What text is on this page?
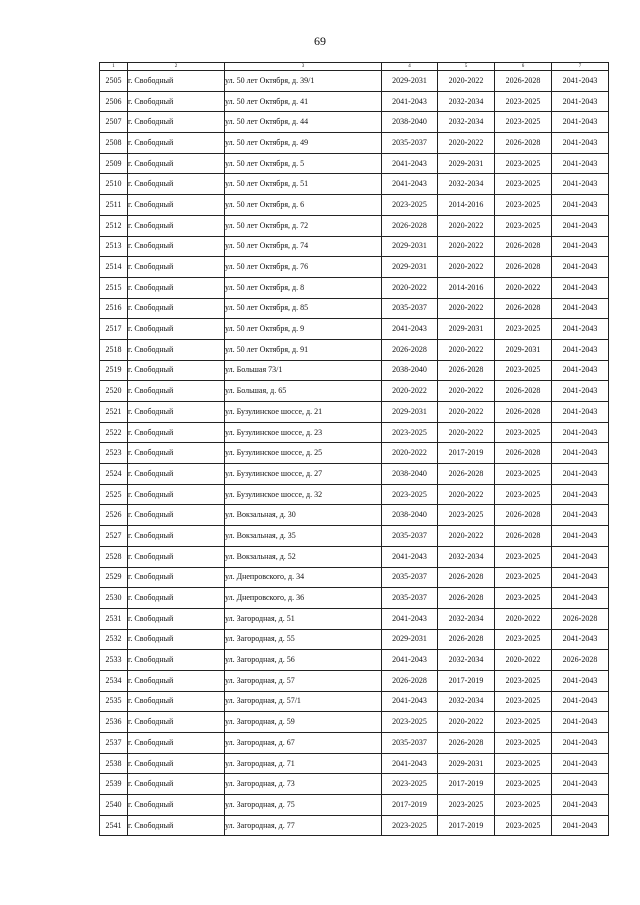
69
1	2	3	4	5	6	7
2505	г. Свободный	ул. 50 лет Октября, д. 39/1	2029-2031	2020-2022	2026-2028	2041-2043
2506	г. Свободный	ул. 50 лет Октября, д. 41	2041-2043	2032-2034	2023-2025	2041-2043
2507	г. Свободный	ул. 50 лет Октября, д. 44	2038-2040	2032-2034	2023-2025	2041-2043
2508	г. Свободный	ул. 50 лет Октября, д. 49	2035-2037	2020-2022	2026-2028	2041-2043
2509	г. Свободный	ул. 50 лет Октября, д. 5	2041-2043	2029-2031	2023-2025	2041-2043
2510	г. Свободный	ул. 50 лет Октября, д. 51	2041-2043	2032-2034	2023-2025	2041-2043
2511	г. Свободный	ул. 50 лет Октября, д. 6	2023-2025	2014-2016	2023-2025	2041-2043
2512	г. Свободный	ул. 50 лет Октября, д. 72	2026-2028	2020-2022	2023-2025	2041-2043
2513	г. Свободный	ул. 50 лет Октября, д. 74	2029-2031	2020-2022	2026-2028	2041-2043
2514	г. Свободный	ул. 50 лет Октября, д. 76	2029-2031	2020-2022	2026-2028	2041-2043
2515	г. Свободный	ул. 50 лет Октября, д. 8	2020-2022	2014-2016	2020-2022	2041-2043
2516	г. Свободный	ул. 50 лет Октября, д. 85	2035-2037	2020-2022	2026-2028	2041-2043
2517	г. Свободный	ул. 50 лет Октября, д. 9	2041-2043	2029-2031	2023-2025	2041-2043
2518	г. Свободный	ул. 50 лет Октября, д. 91	2026-2028	2020-2022	2029-2031	2041-2043
2519	г. Свободный	ул. Большая 73/1	2038-2040	2026-2028	2023-2025	2041-2043
2520	г. Свободный	ул. Большая, д. 65	2020-2022	2020-2022	2026-2028	2041-2043
2521	г. Свободный	ул. Бузулинское шоссе, д. 21	2029-2031	2020-2022	2026-2028	2041-2043
2522	г. Свободный	ул. Бузулинское шоссе, д. 23	2023-2025	2020-2022	2023-2025	2041-2043
2523	г. Свободный	ул. Бузулинское шоссе, д. 25	2020-2022	2017-2019	2026-2028	2041-2043
2524	г. Свободный	ул. Бузулинское шоссе, д. 27	2038-2040	2026-2028	2023-2025	2041-2043
2525	г. Свободный	ул. Бузулинское шоссе, д. 32	2023-2025	2020-2022	2023-2025	2041-2043
2526	г. Свободный	ул. Вокзальная, д. 30	2038-2040	2023-2025	2026-2028	2041-2043
2527	г. Свободный	ул. Вокзальная, д. 35	2035-2037	2020-2022	2026-2028	2041-2043
2528	г. Свободный	ул. Вокзальная, д. 52	2041-2043	2032-2034	2023-2025	2041-2043
2529	г. Свободный	ул. Днепровского, д. 34	2035-2037	2026-2028	2023-2025	2041-2043
2530	г. Свободный	ул. Днепровского, д. 36	2035-2037	2026-2028	2023-2025	2041-2043
2531	г. Свободный	ул. Загородная, д. 51	2041-2043	2032-2034	2020-2022	2026-2028
2532	г. Свободный	ул. Загородная, д. 55	2029-2031	2026-2028	2023-2025	2041-2043
2533	г. Свободный	ул. Загородная, д. 56	2041-2043	2032-2034	2020-2022	2026-2028
2534	г. Свободный	ул. Загородная, д. 57	2026-2028	2017-2019	2023-2025	2041-2043
2535	г. Свободный	ул. Загородная, д. 57/1	2041-2043	2032-2034	2023-2025	2041-2043
2536	г. Свободный	ул. Загородная, д. 59	2023-2025	2020-2022	2023-2025	2041-2043
2537	г. Свободный	ул. Загородная, д. 67	2035-2037	2026-2028	2023-2025	2041-2043
2538	г. Свободный	ул. Загородная, д. 71	2041-2043	2029-2031	2023-2025	2041-2043
2539	г. Свободный	ул. Загородная, д. 73	2023-2025	2017-2019	2023-2025	2041-2043
2540	г. Свободный	ул. Загородная, д. 75	2017-2019	2023-2025	2023-2025	2041-2043
2541	г. Свободный	ул. Загородная, д. 77	2023-2025	2017-2019	2023-2025	2041-2043
